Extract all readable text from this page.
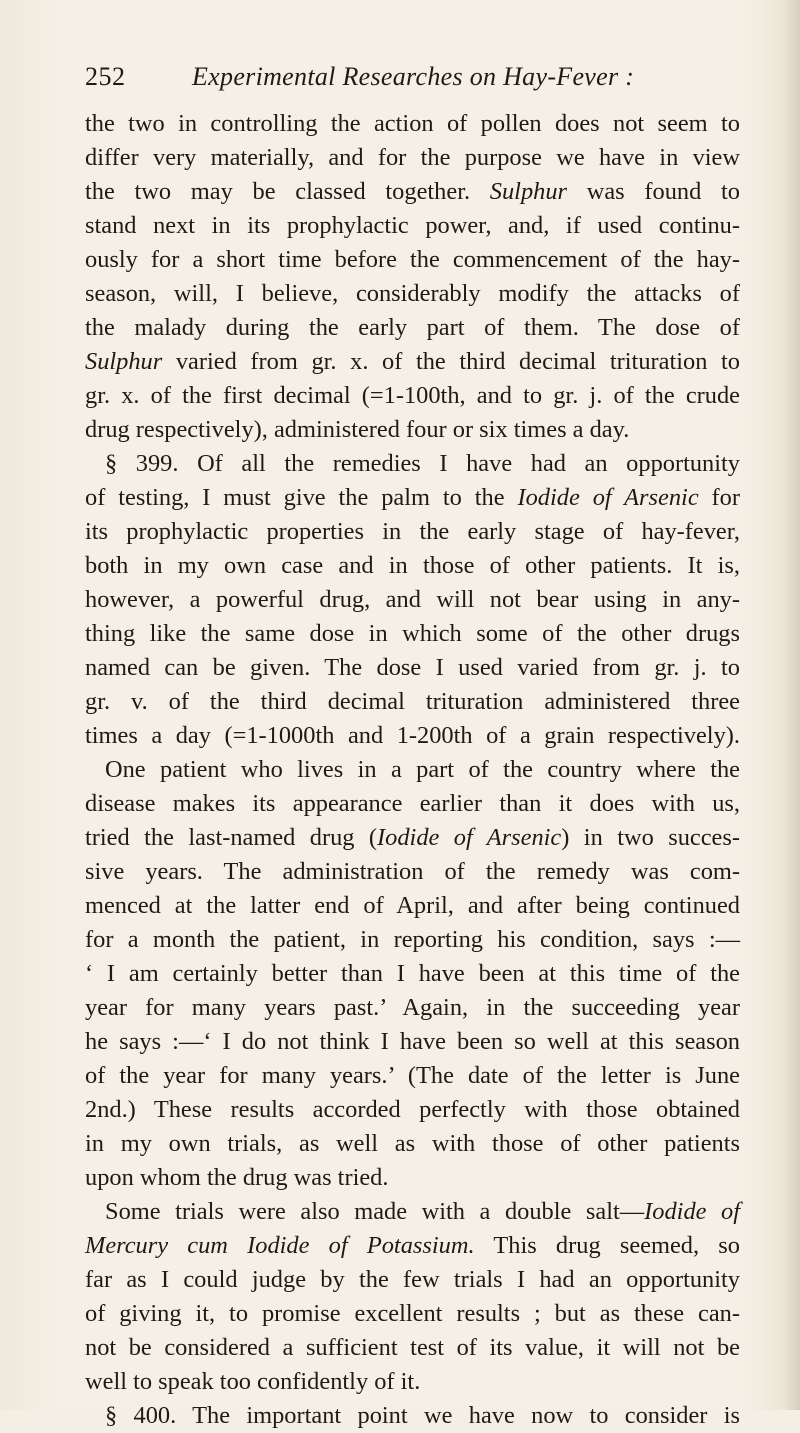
252	Experimental Researches on Hay-Fever :
the two in controlling the action of pollen does not seem to
differ very materially, and for the purpose we have in view
the two may be classed together. Sulphur was found to
stand next in its prophylactic power, and, if used continu-
ously for a short time before the commencement of the hay-
season, will, I believe, considerably modify the attacks of
the malady during the early part of them. The dose of
Sulphur varied from gr. x. of the third decimal trituration to
gr. x. of the first decimal (=1-100th, and to gr. j. of the crude
drug respectively), administered four or six times a day.
§ 399. Of all the remedies I have had an opportunity
of testing, I must give the palm to the Iodide of Arsenic for
its prophylactic properties in the early stage of hay-fever,
both in my own case and in those of other patients. It is,
however, a powerful drug, and will not bear using in any-
thing like the same dose in which some of the other drugs
named can be given. The dose I used varied from gr. j. to
gr. v. of the third decimal trituration administered three
times a day (=1-1000th and 1-200th of a grain respectively).
One patient who lives in a part of the country where the
disease makes its appearance earlier than it does with us,
tried the last-named drug (Iodide of Arsenic) in two succes-
sive years. The administration of the remedy was com-
menced at the latter end of April, and after being continued
for a month the patient, in reporting his condition, says :—
‘ I am certainly better than I have been at this time of the
year for many years past.’ Again, in the succeeding year
he says :—‘ I do not think I have been so well at this season
of the year for many years.’ (The date of the letter is June
2nd.) These results accorded perfectly with those obtained
in my own trials, as well as with those of other patients
upon whom the drug was tried.
Some trials were also made with a double salt—Iodide of
Mercury cum Iodide of Potassium. This drug seemed, so
far as I could judge by the few trials I had an opportunity
of giving it, to promise excellent results ; but as these can-
not be considered a sufficient test of its value, it will not be
well to speak too confidently of it.
§ 400. The important point we have now to consider is
